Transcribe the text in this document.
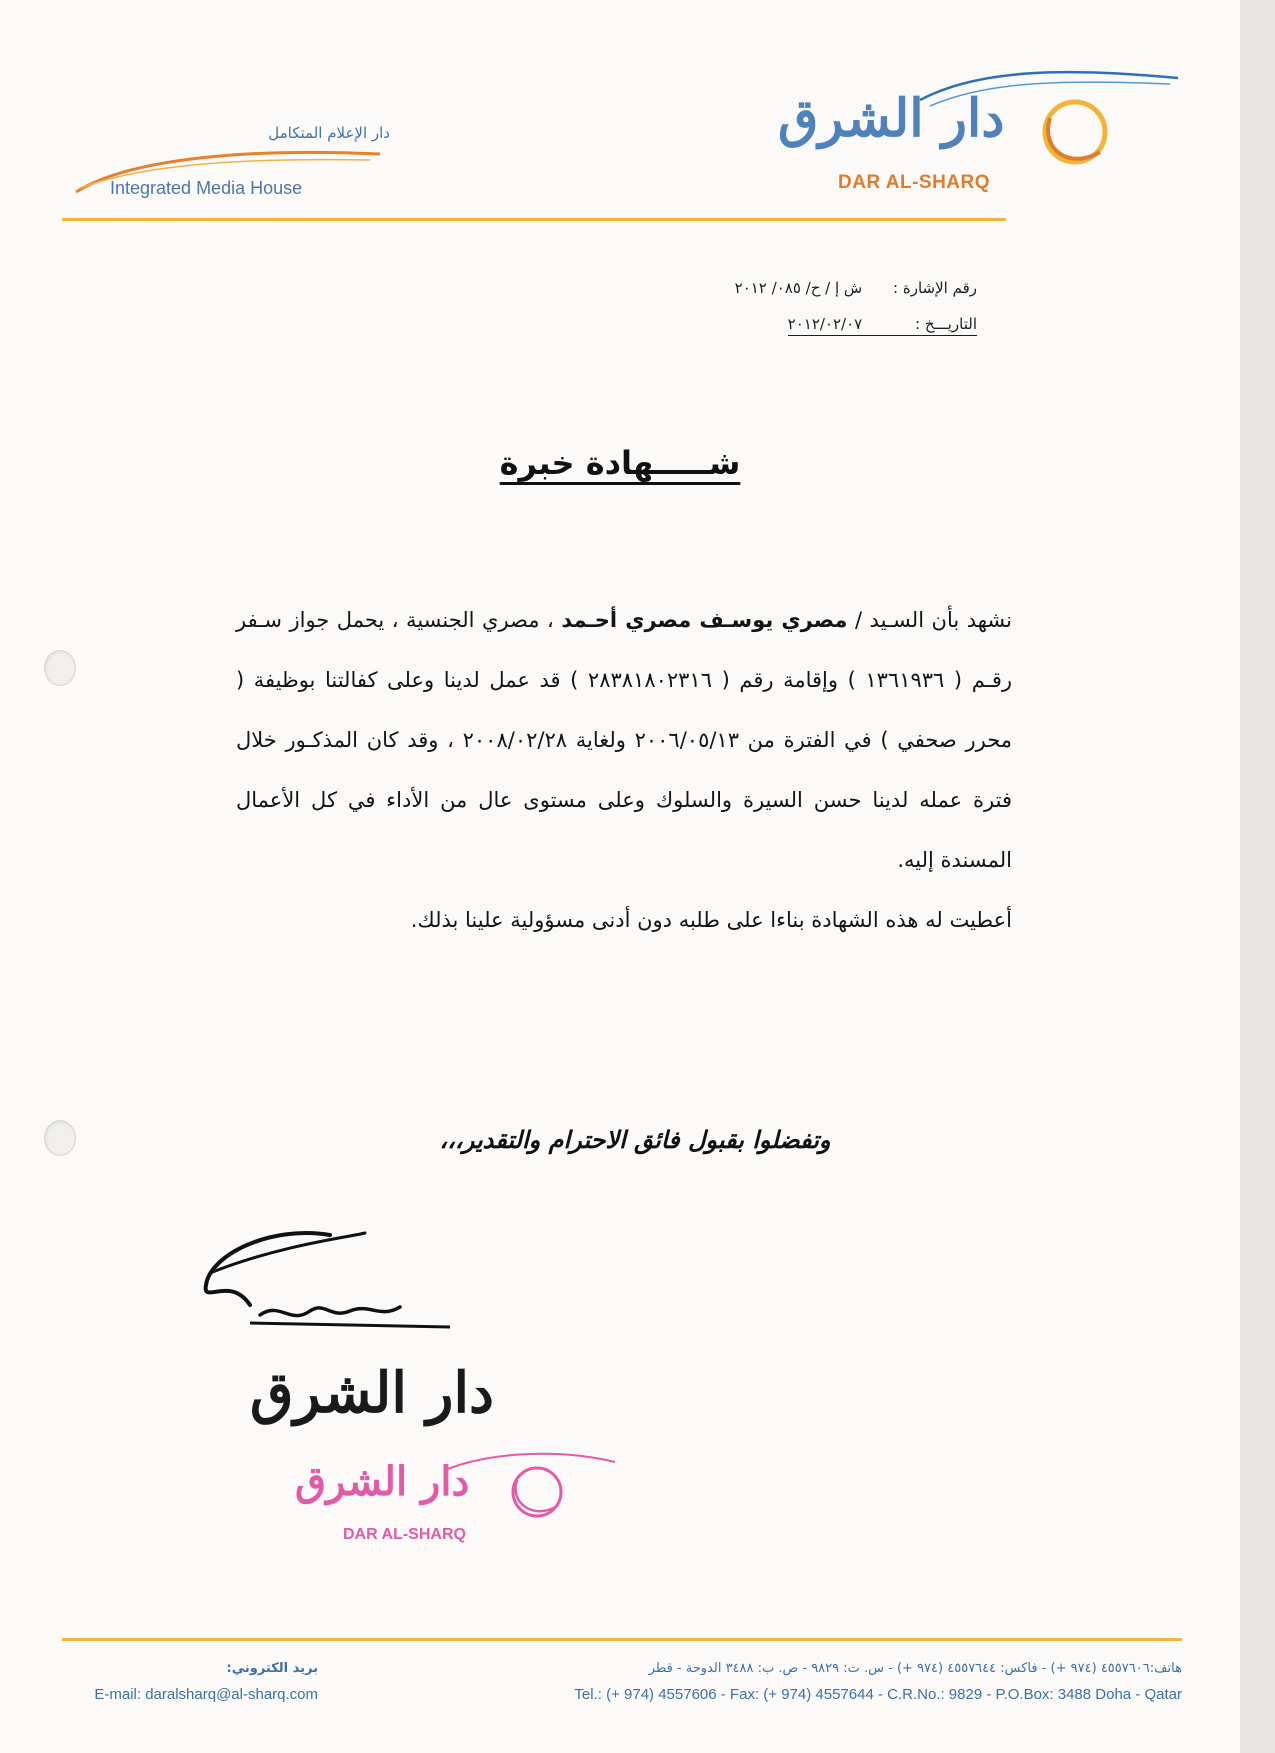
دار الإعلام المتكامل
Integrated Media House
دار الشرق
DAR AL-SHARQ
رقم الإشارة : ش إ / ح/ ٠٨٥/ ٢٠١٢
التاريـــخ : ٢٠١٢/٠٢/٠٧
شـــــهادة خبرة

نشهد بأن السـيد / مصري يوسـف مصري أحـمد ، مصري الجنسية ، يحمل جواز سـفر رقـم ( ١٣٦١٩٣٦ ) وإقامة رقم ( ٢٨٣٨١٨٠٢٣١٦ ) قد عمل لدينا وعلى كفالتنا بوظيفة ( محرر صحفي ) في الفترة من ٢٠٠٦/٠٥/١٣ ولغاية ٢٠٠٨/٠٢/٢٨ ، وقد كان المذكـور خلال فترة عمله لدينا حسن السيرة والسلوك وعلى مستوى عال من الأداء في كل الأعمال المسندة إليه.

أعطيت له هذه الشهادة بناءا على طلبه دون أدنى مسؤولية علينا بذلك.

وتفضلوا بقبول فائق الاحترام والتقدير،،،
دار الشرق
دار الشرق
DAR AL-SHARQ
بريد الكتروني:
E-mail: daralsharq@al-sharq.com
هاتف:٤٥٥٧٦٠٦ (٩٧٤ +) - فاكس: ٤٥٥٧٦٤٤ (٩٧٤ +) - س. ت: ٩٨٢٩ - ص. ب: ٣٤٨٨ الدوحة - قطر
Tel.: (+ 974) 4557606 - Fax: (+ 974) 4557644 - C.R.No.: 9829 - P.O.Box: 3488 Doha - Qatar
